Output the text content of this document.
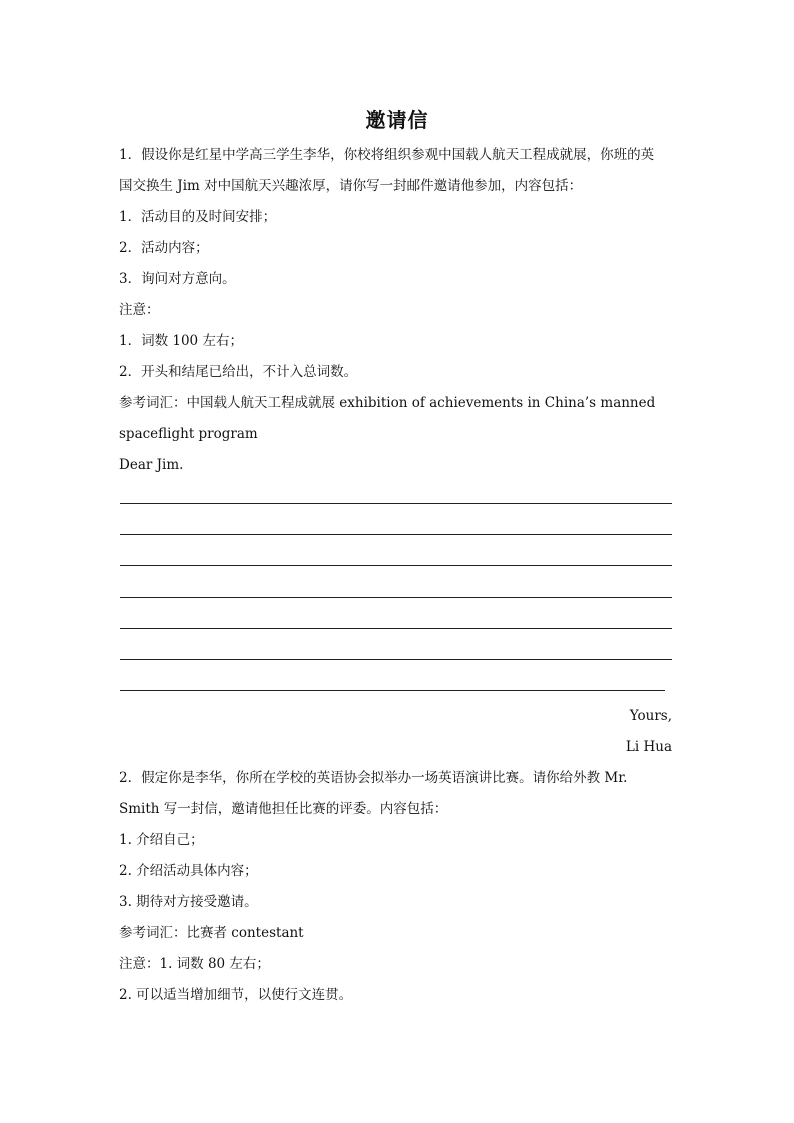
邀请信
1．假设你是红星中学高三学生李华，你校将组织参观中国载人航天工程成就展，你班的英
国交换生 Jim 对中国航天兴趣浓厚，请你写一封邮件邀请他参加，内容包括：
1．活动目的及时间安排；
2．活动内容；
3．询问对方意向。
注意：
1．词数 100 左右；
2．开头和结尾已给出，不计入总词数。
参考词汇：中国载人航天工程成就展 exhibition of achievements in China’s manned
spaceflight program
Dear Jim.
Yours,
Li Hua
2．假定你是李华，你所在学校的英语协会拟举办一场英语演讲比赛。请你给外教 Mr.
Smith 写一封信，邀请他担任比赛的评委。内容包括：
1. 介绍自己；
2. 介绍活动具体内容；
3. 期待对方接受邀请。
参考词汇：比赛者 contestant
注意：1. 词数 80 左右；
2. 可以适当增加细节，以使行文连贯。
